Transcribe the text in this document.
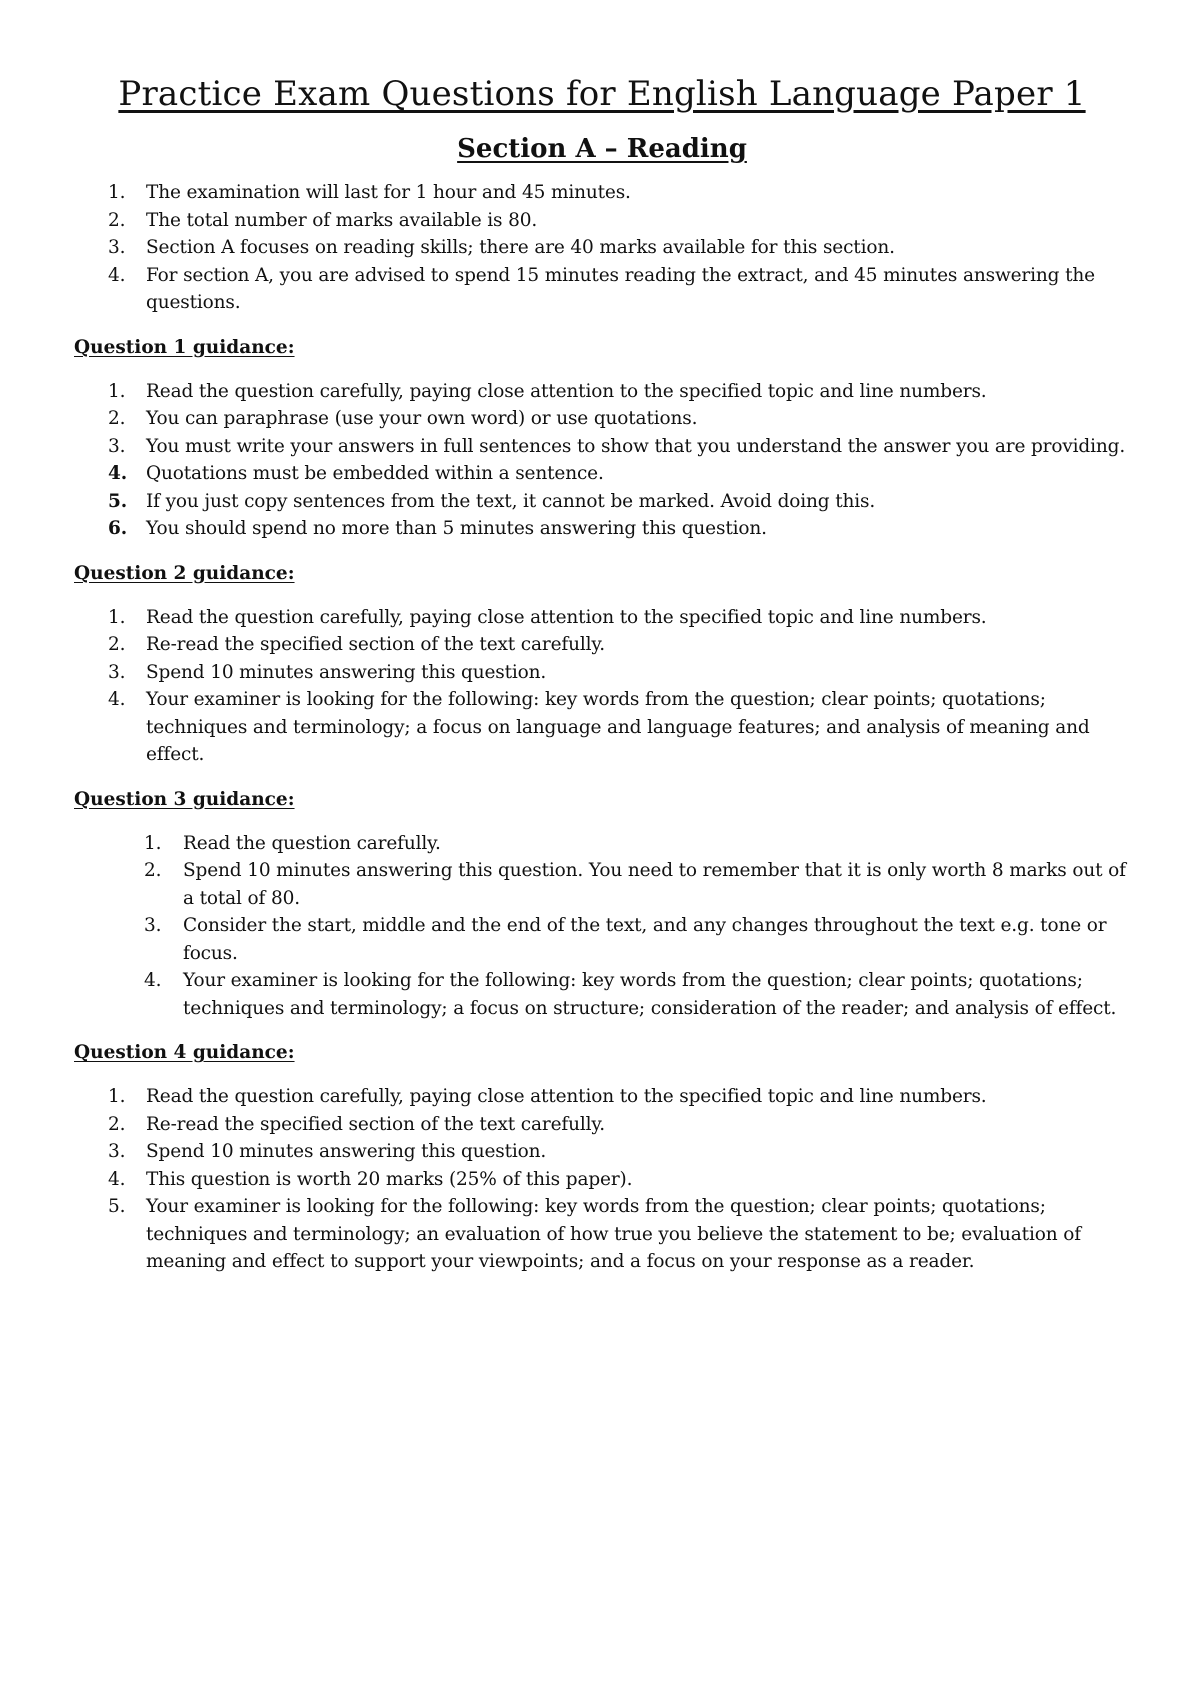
Practice Exam Questions for English Language Paper 1
Section A – Reading
1.	The examination will last for 1 hour and 45 minutes.
2.	The total number of marks available is 80.
3.	Section A focuses on reading skills; there are 40 marks available for this section.
4.	For section A, you are advised to spend 15 minutes reading the extract, and 45 minutes answering the questions.
Question 1 guidance:
1.	Read the question carefully, paying close attention to the specified topic and line numbers.
2.	You can paraphrase (use your own word) or use quotations.
3.	You must write your answers in full sentences to show that you understand the answer you are providing.
4.	Quotations must be embedded within a sentence.
5.	If you just copy sentences from the text, it cannot be marked. Avoid doing this.
6.	You should spend no more than 5 minutes answering this question.
Question 2 guidance:
1.	Read the question carefully, paying close attention to the specified topic and line numbers.
2.	Re-read the specified section of the text carefully.
3.	Spend 10 minutes answering this question.
4.	Your examiner is looking for the following: key words from the question; clear points; quotations; techniques and terminology; a focus on language and language features; and analysis of meaning and effect.
Question 3 guidance:
1.	Read the question carefully.
2.	Spend 10 minutes answering this question. You need to remember that it is only worth 8 marks out of a total of 80.
3.	Consider the start, middle and the end of the text, and any changes throughout the text e.g. tone or focus.
4.	Your examiner is looking for the following: key words from the question; clear points; quotations; techniques and terminology; a focus on structure; consideration of the reader; and analysis of effect.
Question 4 guidance:
1.	Read the question carefully, paying close attention to the specified topic and line numbers.
2.	Re-read the specified section of the text carefully.
3.	Spend 10 minutes answering this question.
4.	This question is worth 20 marks (25% of this paper).
5.	Your examiner is looking for the following: key words from the question; clear points; quotations; techniques and terminology; an evaluation of how true you believe the statement to be; evaluation of meaning and effect to support your viewpoints; and a focus on your response as a reader.
